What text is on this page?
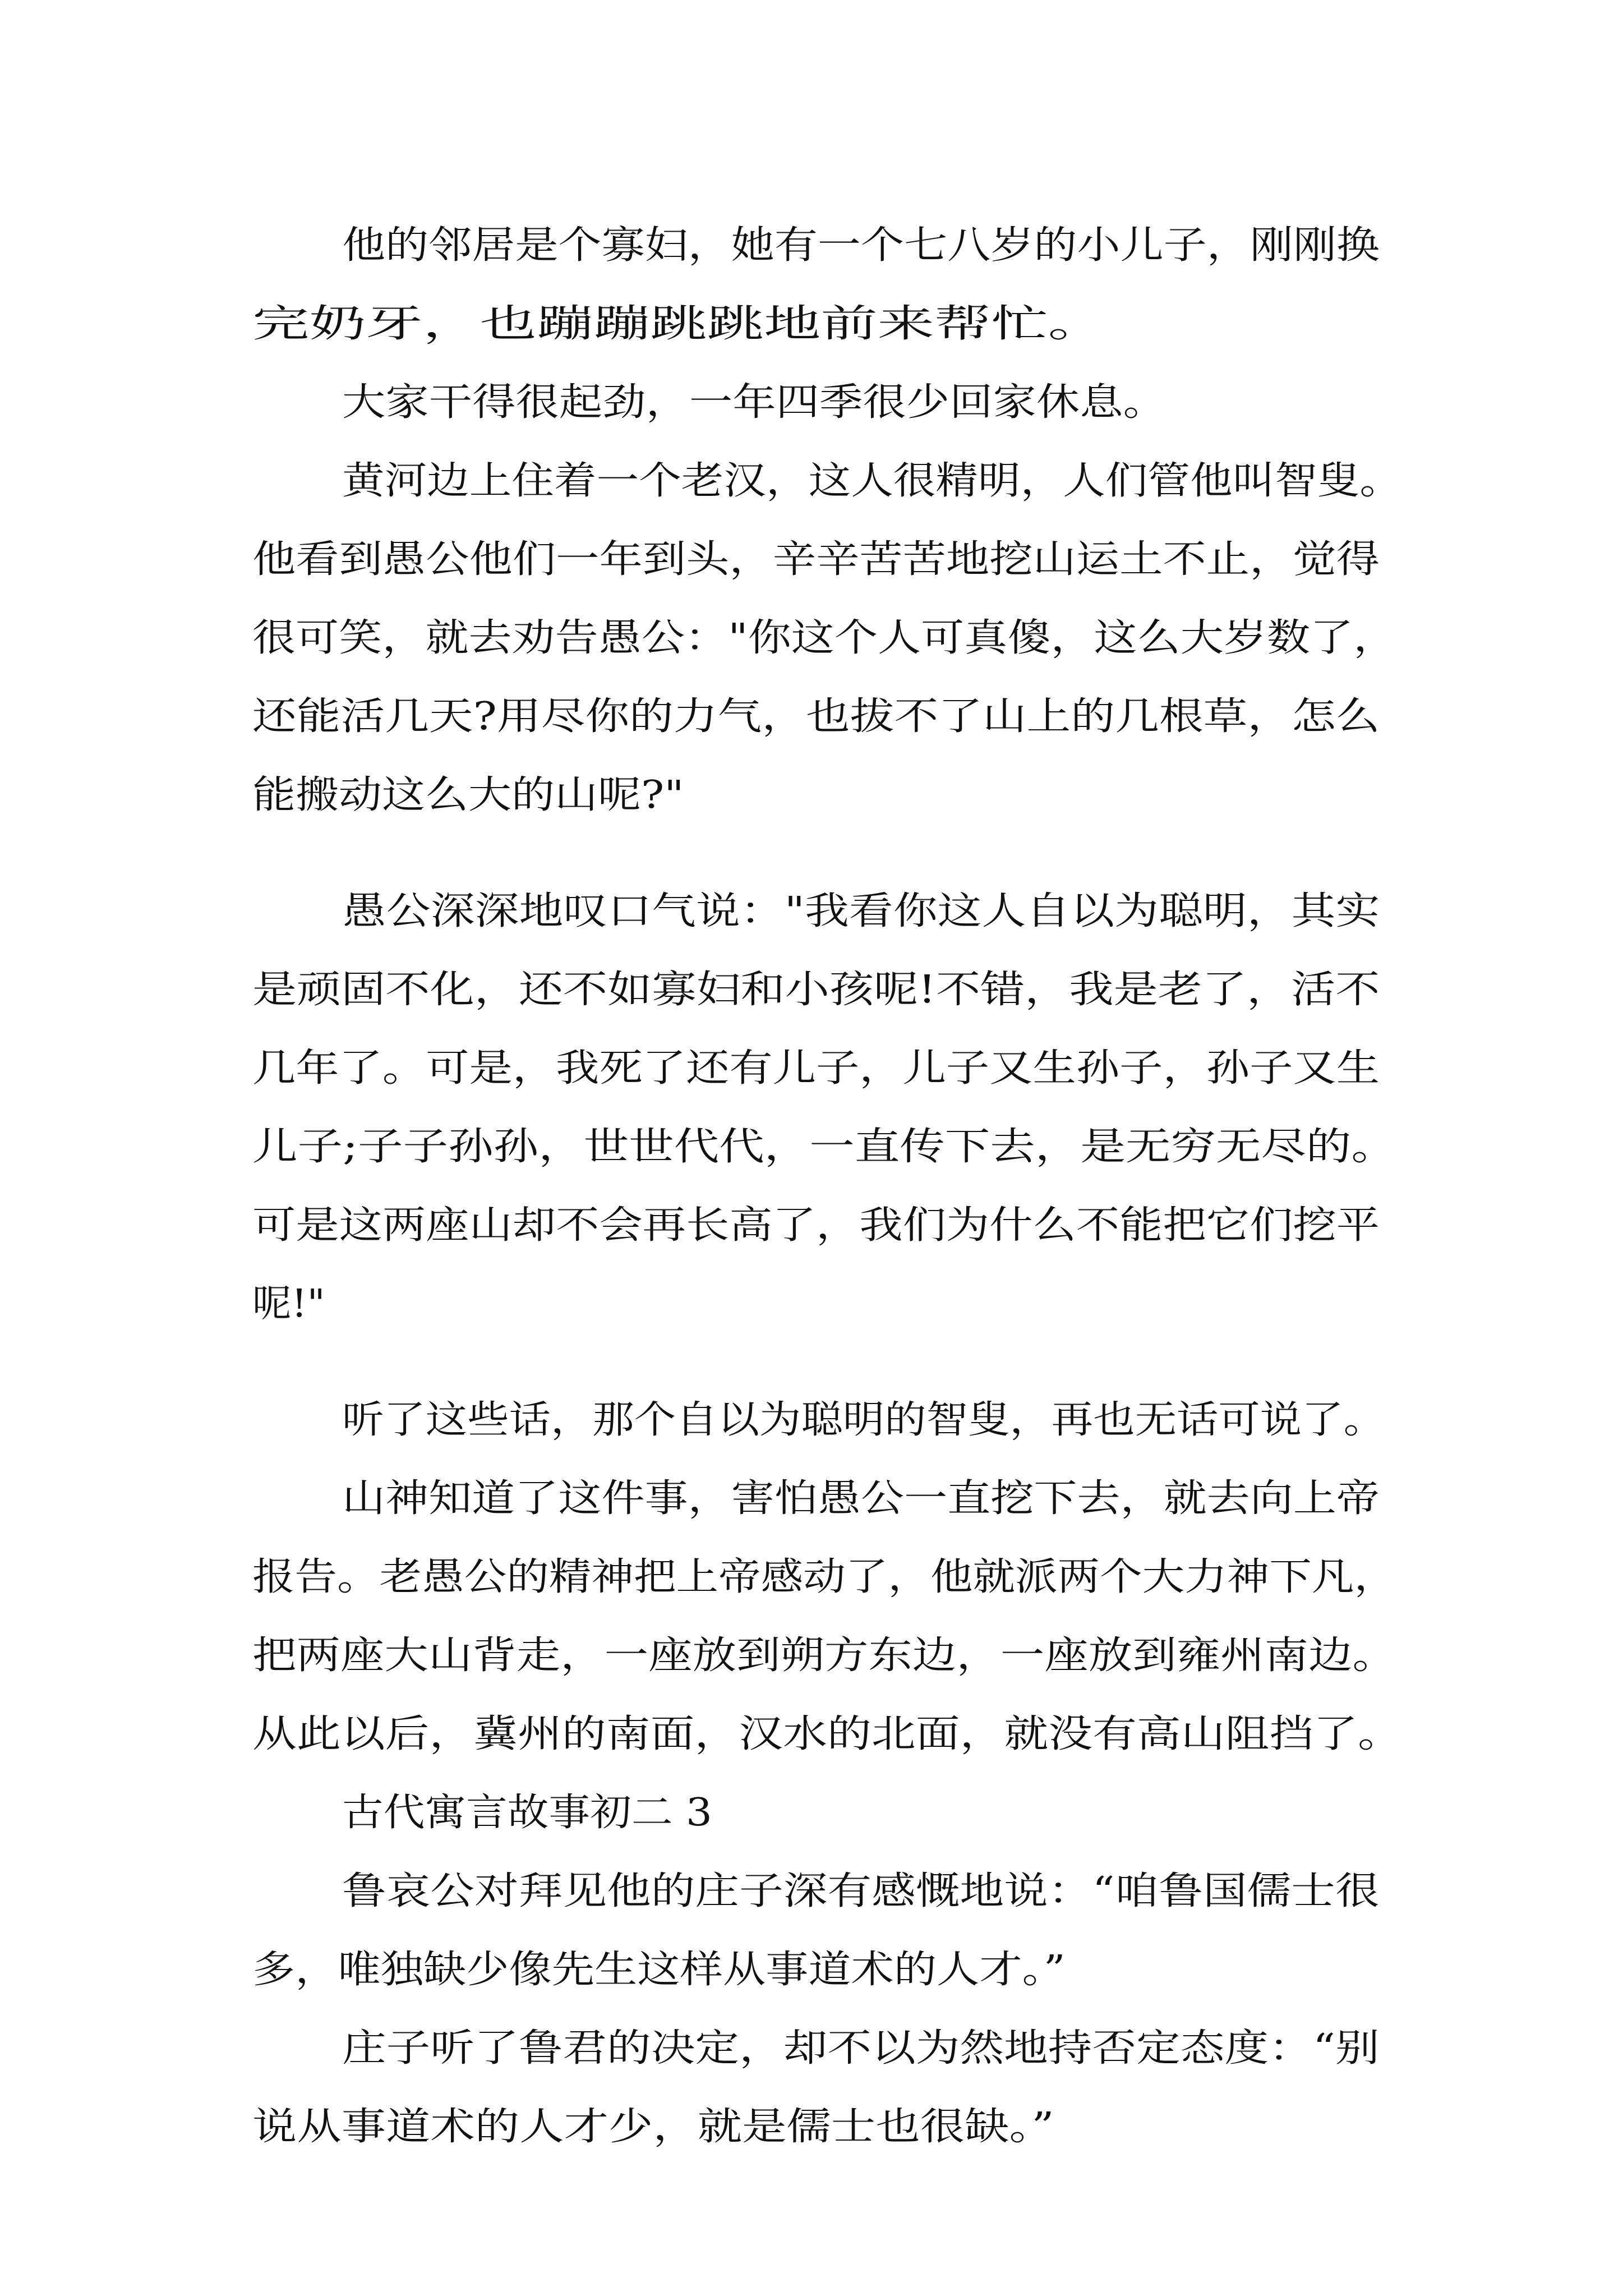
他的邻居是个寡妇，她有一个七八岁的小儿子，刚刚换

完奶牙，也蹦蹦跳跳地前来帮忙。

大家干得很起劲，一年四季很少回家休息。

黄河边上住着一个老汉，这人很精明，人们管他叫智叟。

他看到愚公他们一年到头，辛辛苦苦地挖山运土不止，觉得

很可笑，就去劝告愚公："你这个人可真傻，这么大岁数了，

还能活几天?用尽你的力气，也拔不了山上的几根草，怎么

能搬动这么大的山呢?"

愚公深深地叹口气说："我看你这人自以为聪明，其实

是顽固不化，还不如寡妇和小孩呢!不错，我是老了，活不

几年了。可是，我死了还有儿子，儿子又生孙子，孙子又生

儿子;子子孙孙，世世代代，一直传下去，是无穷无尽的。

可是这两座山却不会再长高了，我们为什么不能把它们挖平

呢!"

听了这些话，那个自以为聪明的智叟，再也无话可说了。

山神知道了这件事，害怕愚公一直挖下去，就去向上帝

报告。老愚公的精神把上帝感动了，他就派两个大力神下凡，

把两座大山背走，一座放到朔方东边，一座放到雍州南边。

从此以后，冀州的南面，汉水的北面，就没有高山阻挡了。

古代寓言故事初二 3

鲁哀公对拜见他的庄子深有感慨地说：“咱鲁国儒士很

多，唯独缺少像先生这样从事道术的人才。”

庄子听了鲁君的决定，却不以为然地持否定态度：“别

说从事道术的人才少，就是儒士也很缺。”
